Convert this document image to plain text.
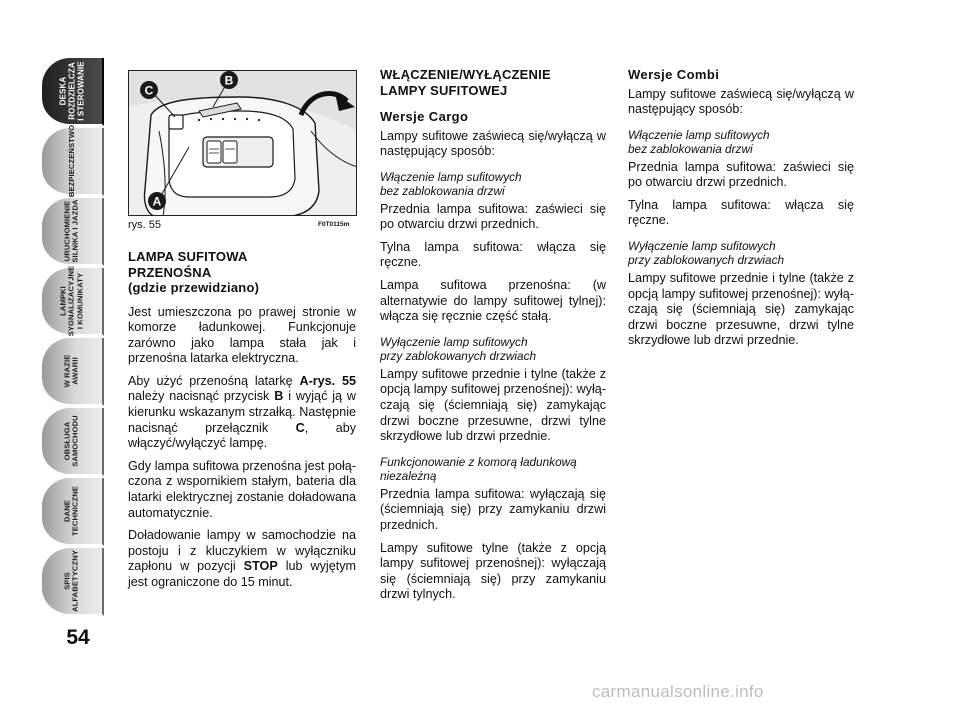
DESKA
ROZDZIELCZA
I STEROWANIE
BEZPIECZEŃSTWO
URUCHOMIENIE
SILNIKA I JAZDA
LAMPKI
SYGNALIZACYJNE
I KOMUNIKATY
W RAZIE
AWARII
OBSŁUGA
SAMOCHODU
DANE
TECHNICZNE
SPIS
ALFABETYCZNY
54
C
B
A
rys. 55	F0T0115m
LAMPA SUFITOWA
PRZENOŚNA
(gdzie przewidziano)

Jest umieszczona po prawej stronie w komorze ładunkowej. Funkcjonuje zarówno jako lampa stała jak i przenośna latarka elektryczna.

Aby użyć przenośną latarkę A-rys. 55 należy nacisnąć przycisk B i wyjąć ją w kierunku wskazanym strzałką. Następnie nacisnąć przełącznik C, aby włączyć/wyłączyć lampę.

Gdy lampa sufitowa przenośna jest połączona z wspornikiem stałym, bateria dla latarki elektrycznej zostanie doładowana automatycznie.

Doładowanie lampy w samochodzie na postoju i z kluczykiem w wyłączniku zapłonu w pozycji STOP lub wyjętym jest ograniczone do 15 minut.

WŁĄCZENIE/WYŁĄCZENIE
LAMPY SUFITOWEJ
Wersje Cargo

Lampy sufitowe zaświecą się/wyłączą w następujący sposób:

Włączenie lamp sufitowych
bez zablokowania drzwi

Przednia lampa sufitowa: zaświeci się po otwarciu drzwi przednich.

Tylna lampa sufitowa: włącza się ręczne.

Lampa sufitowa przenośna: (w alternatywie do lampy sufitowej tylnej): włącza się ręcznie część stałą.

Wyłączenie lamp sufitowych
przy zablokowanych drzwiach

Lampy sufitowe przednie i tylne (także z opcją lampy sufitowej przenośnej): wyłączają się (ściemniają się) zamykając drzwi boczne przesuwne, drzwi tylne skrzydłowe lub drzwi przednie.

Funkcjonowanie z komorą ładunkową
niezależną

Przednia lampa sufitowa: wyłączają się (ściemniają się) przy zamykaniu drzwi przednich.

Lampy sufitowe tylne (także z opcją lampy sufitowej przenośnej): wyłączają się (ściemniają się) przy zamykaniu drzwi tylnych.

Wersje Combi

Lampy sufitowe zaświecą się/wyłączą w następujący sposób:

Włączenie lamp sufitowych
bez zablokowania drzwi

Przednia lampa sufitowa: zaświeci się po otwarciu drzwi przednich.

Tylna lampa sufitowa: włącza się ręczne.

Wyłączenie lamp sufitowych
przy zablokowanych drzwiach

Lampy sufitowe przednie i tylne (także z opcją lampy sufitowej przenośnej): wyłączają się (ściemniają się) zamykając drzwi boczne przesuwne, drzwi tylne skrzydłowe lub drzwi przednie.

carmanualsonline.info
